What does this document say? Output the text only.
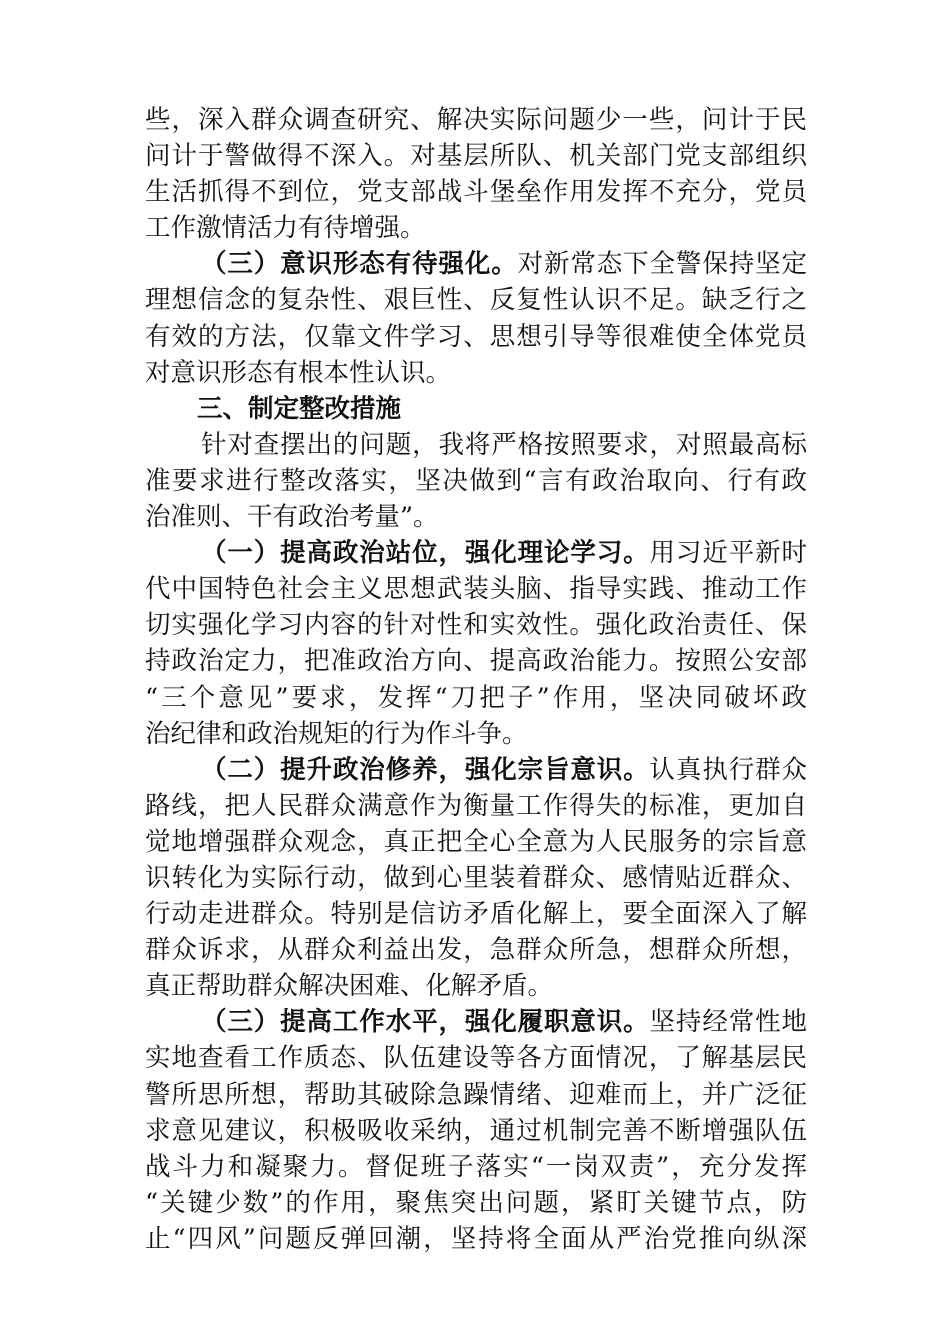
些，深入群众调查研究、解决实际问题少一些，问计于民
问计于警做得不深入。对基层所队、机关部门党支部组织
生活抓得不到位，党支部战斗堡垒作用发挥不充分，党员
工作激情活力有待增强。
（三）意识形态有待强化。对新常态下全警保持坚定
理想信念的复杂性、艰巨性、反复性认识不足。缺乏行之
有效的方法，仅靠文件学习、思想引导等很难使全体党员
对意识形态有根本性认识。
三、制定整改措施
针对查摆出的问题，我将严格按照要求，对照最高标
准要求进行整改落实，坚决做到“言有政治取向、行有政
治准则、干有政治考量”。
（一）提高政治站位，强化理论学习。用习近平新时
代中国特色社会主义思想武装头脑、指导实践、推动工作
切实强化学习内容的针对性和实效性。强化政治责任、保
持政治定力，把准政治方向、提高政治能力。按照公安部
“三个意见”要求，发挥“刀把子”作用，坚决同破坏政
治纪律和政治规矩的行为作斗争。
（二）提升政治修养，强化宗旨意识。认真执行群众
路线，把人民群众满意作为衡量工作得失的标准，更加自
觉地增强群众观念，真正把全心全意为人民服务的宗旨意
识转化为实际行动，做到心里装着群众、感情贴近群众、
行动走进群众。特别是信访矛盾化解上，要全面深入了解
群众诉求，从群众利益出发，急群众所急，想群众所想，
真正帮助群众解决困难、化解矛盾。
（三）提高工作水平，强化履职意识。坚持经常性地
实地查看工作质态、队伍建设等各方面情况，了解基层民
警所思所想，帮助其破除急躁情绪、迎难而上，并广泛征
求意见建议，积极吸收采纳，通过机制完善不断增强队伍
战斗力和凝聚力。督促班子落实“一岗双责”，充分发挥
“关键少数”的作用，聚焦突出问题，紧盯关键节点，防
止“四风”问题反弹回潮，坚持将全面从严治党推向纵深
